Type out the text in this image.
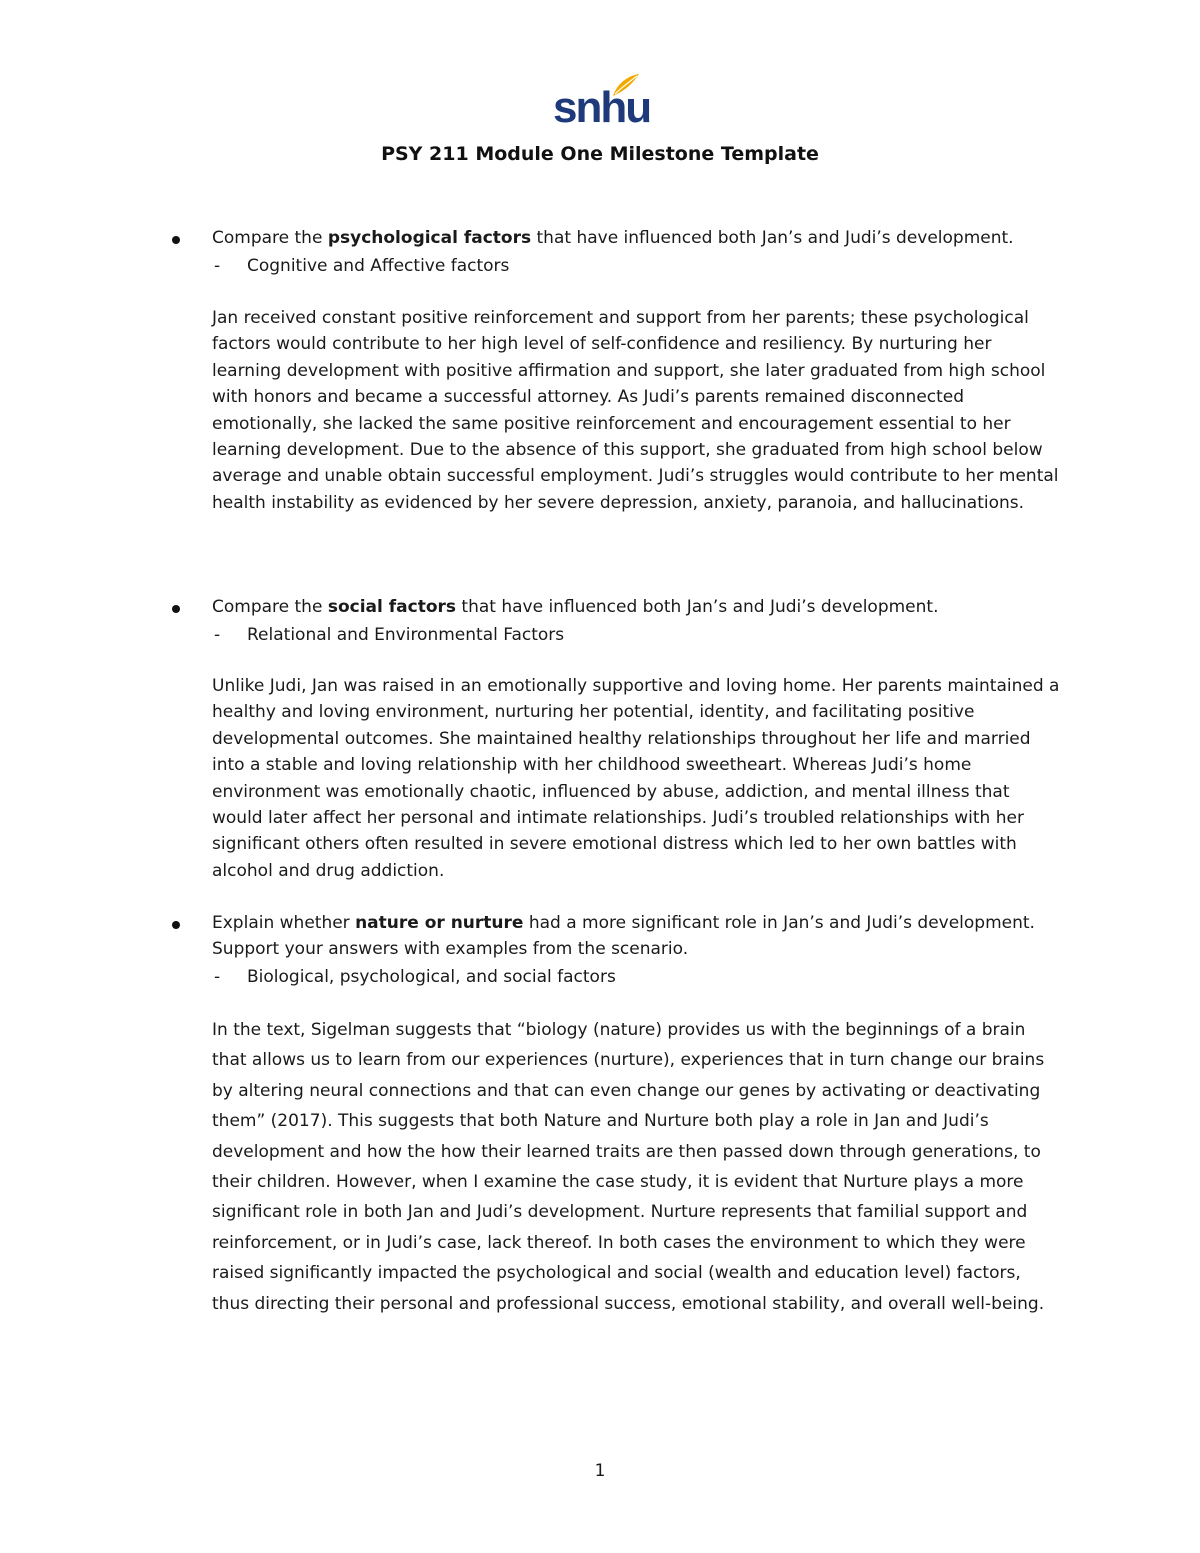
snhu
PSY 211 Module One Milestone Template
Compare the psychological factors that have influenced both Jan’s and Judi’s development.
- Cognitive and Affective factors

Jan received constant positive reinforcement and support from her parents; these psychological factors would contribute to her high level of self-confidence and resiliency. By nurturing her learning development with positive affirmation and support, she later graduated from high school with honors and became a successful attorney. As Judi’s parents remained disconnected emotionally, she lacked the same positive reinforcement and encouragement essential to her learning development. Due to the absence of this support, she graduated from high school below average and unable obtain successful employment. Judi’s struggles would contribute to her mental health instability as evidenced by her severe depression, anxiety, paranoia, and hallucinations.

Compare the social factors that have influenced both Jan’s and Judi’s development.
- Relational and Environmental Factors

Unlike Judi, Jan was raised in an emotionally supportive and loving home. Her parents maintained a healthy and loving environment, nurturing her potential, identity, and facilitating positive developmental outcomes. She maintained healthy relationships throughout her life and married into a stable and loving relationship with her childhood sweetheart. Whereas Judi’s home environment was emotionally chaotic, influenced by abuse, addiction, and mental illness that would later affect her personal and intimate relationships. Judi’s troubled relationships with her significant others often resulted in severe emotional distress which led to her own battles with alcohol and drug addiction.

Explain whether nature or nurture had a more significant role in Jan’s and Judi’s development. Support your answers with examples from the scenario.
- Biological, psychological, and social factors

In the text, Sigelman suggests that “biology (nature) provides us with the beginnings of a brain that allows us to learn from our experiences (nurture), experiences that in turn change our brains by altering neural connections and that can even change our genes by activating or deactivating them” (2017). This suggests that both Nature and Nurture both play a role in Jan and Judi’s development and how the how their learned traits are then passed down through generations, to their children. However, when I examine the case study, it is evident that Nurture plays a more significant role in both Jan and Judi’s development. Nurture represents that familial support and reinforcement, or in Judi’s case, lack thereof. In both cases the environment to which they were raised significantly impacted the psychological and social (wealth and education level) factors, thus directing their personal and professional success, emotional stability, and overall well-being.

1
